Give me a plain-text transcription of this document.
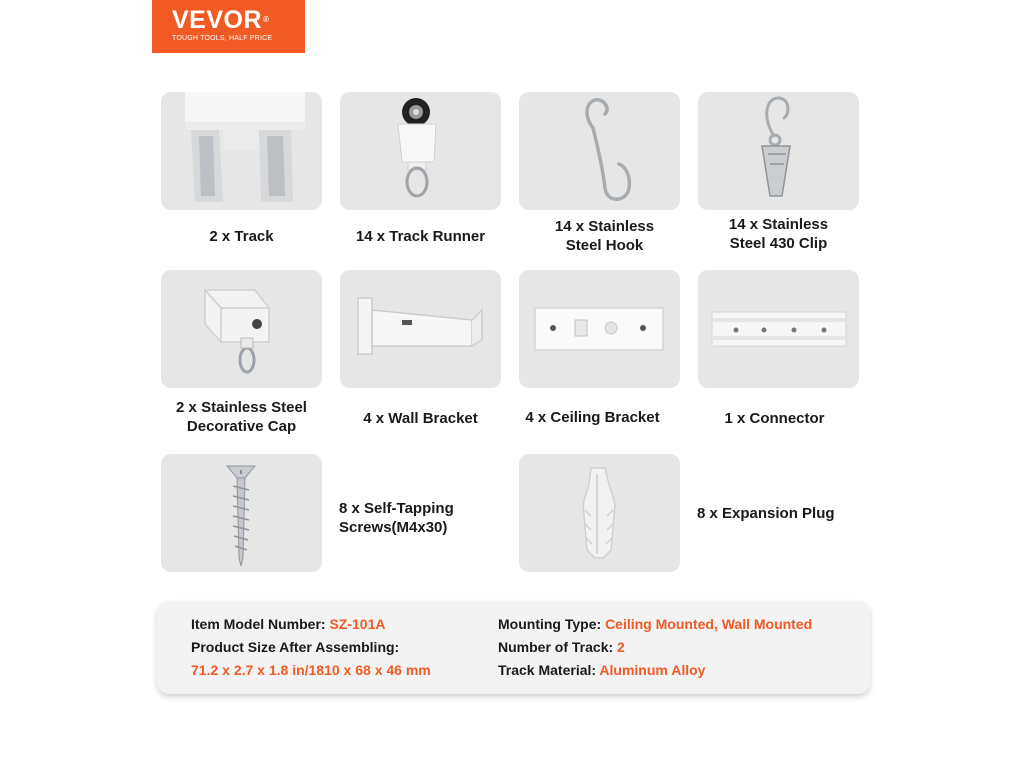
VEVOR®
TOUGH TOOLS, HALF PRICE
2 x Track	14 x Track Runner
14 x Stainless
Steel Hook
14 x Stainless
Steel 430 Clip
2 x Stainless Steel
Decorative Cap	4 x Wall Bracket	4 x Ceiling Bracket	1 x Connector
8 x Self-Tapping
Screws(M4x30)
8 x Expansion Plug
Item Model Number: SZ-101A
Product Size After Assembling:
71.2 x 2.7 x 1.8 in/1810 x 68 x 46 mm
Mounting Type: Ceiling Mounted, Wall Mounted
Number of Track: 2
Track Material: Aluminum Alloy
